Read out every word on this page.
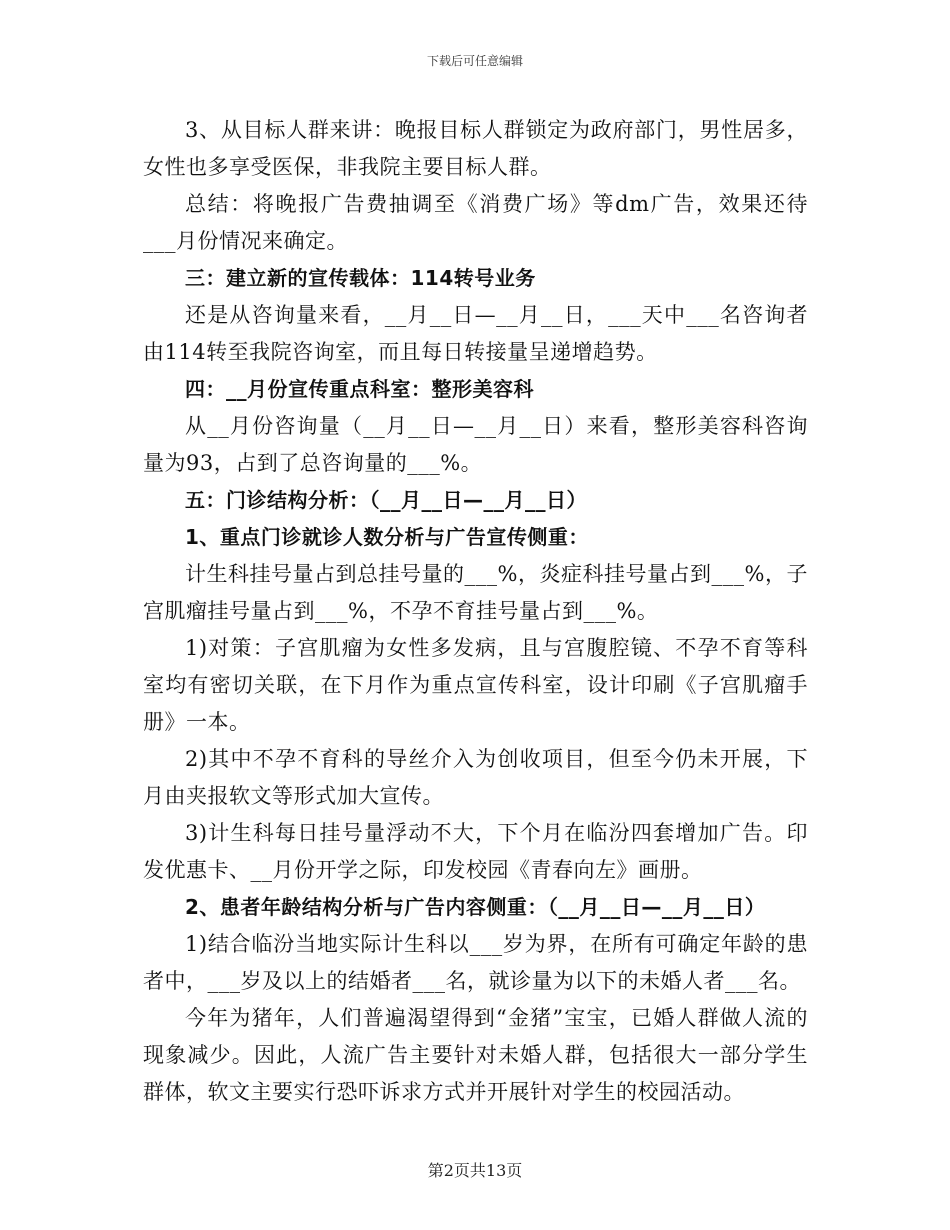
下载后可任意编辑

3、从目标人群来讲：晚报目标人群锁定为政府部门，男性居多，女性也多享受医保，非我院主要目标人群。

总结：将晚报广告费抽调至《消费广场》等dm广告，效果还待___月份情况来确定。

三：建立新的宣传载体：114转号业务

还是从咨询量来看，__月__日—__月__日，___天中___名咨询者由114转至我院咨询室，而且每日转接量呈递增趋势。

四：__月份宣传重点科室：整形美容科

从__月份咨询量（__月__日—__月__日）来看，整形美容科咨询量为93，占到了总咨询量的___%。

五：门诊结构分析：（__月__日—__月__日）

1、重点门诊就诊人数分析与广告宣传侧重：

计生科挂号量占到总挂号量的___%，炎症科挂号量占到___%，子宫肌瘤挂号量占到___%，不孕不育挂号量占到___%。

1)对策：子宫肌瘤为女性多发病，且与宫腹腔镜、不孕不育等科室均有密切关联，在下月作为重点宣传科室，设计印刷《子宫肌瘤手册》一本。

2)其中不孕不育科的导丝介入为创收项目，但至今仍未开展，下月由夹报软文等形式加大宣传。

3)计生科每日挂号量浮动不大，下个月在临汾四套增加广告。印发优惠卡、__月份开学之际，印发校园《青春向左》画册。

2、患者年龄结构分析与广告内容侧重：（__月__日—__月__日）

1)结合临汾当地实际计生科以___岁为界，在所有可确定年龄的患者中，___岁及以上的结婚者___名，就诊量为以下的未婚人者___名。

今年为猪年，人们普遍渴望得到“金猪”宝宝，已婚人群做人流的现象减少。因此，人流广告主要针对未婚人群，包括很大一部分学生群体，软文主要实行恐吓诉求方式并开展针对学生的校园活动。

第2页共13页
